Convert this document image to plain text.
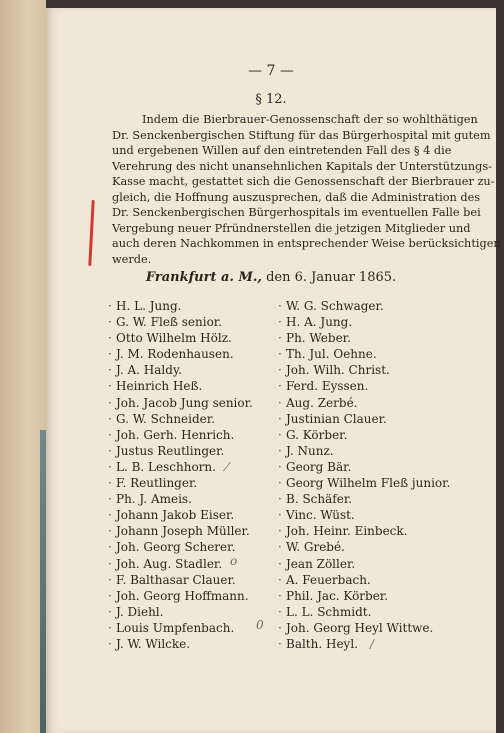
— 7 —
§ 12.
Indem die Bierbrauer-Genossenschaft der so wohlthätigen
Dr. Senckenbergischen Stiftung für das Bürgerhospital mit gutem
und ergebenen Willen auf den eintretenden Fall des § 4 die
Verehrung des nicht unansehnlichen Kapitals der Unterstützungs-
Kasse macht, gestattet sich die Genossenschaft der Bierbrauer zu-
gleich, die Hoffnung auszusprechen, daß die Administration des
Dr. Senckenbergischen Bürgerhospitals im eventuellen Falle bei
Vergebung neuer Pfründnerstellen die jetzigen Mitglieder und
auch deren Nachkommen in entsprechender Weise berücksichtigen
werde.
Frankfurt a. M., den 6. Januar 1865.
· H. L. Jung.
· G. W. Fleß senior.
· Otto Wilhelm Hölz.
· J. M. Rodenhausen.
· J. A. Haldy.
· Heinrich Heß.
· Joh. Jacob Jung senior.
· G. W. Schneider.
· Joh. Gerh. Henrich.
· Justus Reutlinger.
· L. B. Leschhorn. ⁄
· F. Reutlinger.
· Ph. J. Ameis.
· Johann Jakob Eiser.
· Johann Joseph Müller.
· Joh. Georg Scherer.
· Joh. Aug. Stadler. o
· F. Balthasar Clauer.
· Joh. Georg Hoffmann.
· J. Diehl.
· Louis Umpfenbach. 0
· J. W. Wilcke.
· W. G. Schwager.
· H. A. Jung.
· Ph. Weber.
· Th. Jul. Oehne.
· Joh. Wilh. Christ.
· Ferd. Eyssen.
· Aug. Zerbé.
· Justinian Clauer.
· G. Körber.
· J. Nunz.
· Georg Bär.
· Georg Wilhelm Fleß junior.
· B. Schäfer.
· Vinc. Wüst.
· Joh. Heinr. Einbeck.
· W. Grebé.
· Jean Zöller.
· A. Feuerbach.
· Phil. Jac. Körber.
· L. L. Schmidt.
· Joh. Georg Heyl Wittwe.
· Balth. Heyl. /
